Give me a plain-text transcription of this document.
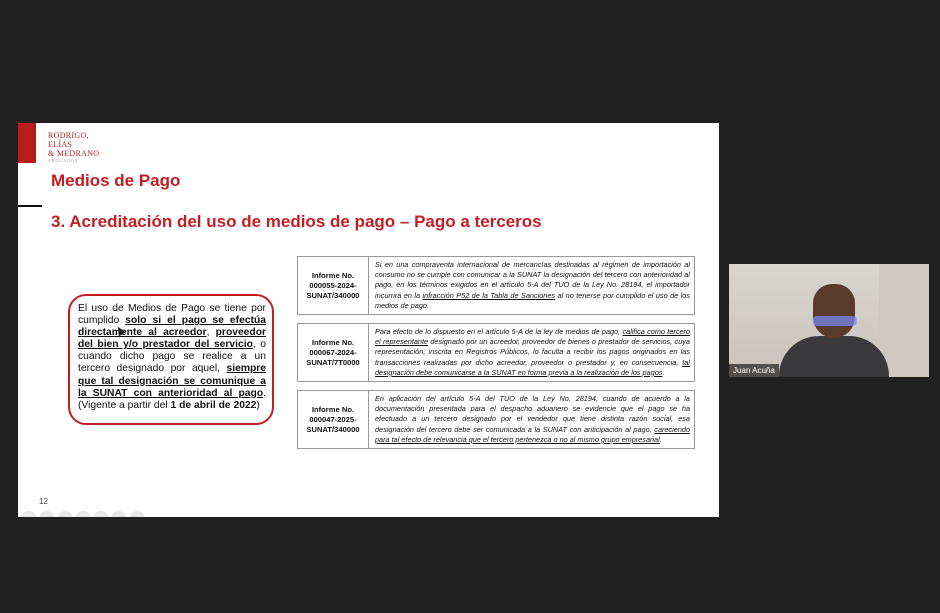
RODRIGO,
ELÍAS
& MEDRANO
ABOGADOS
Medios de Pago
3. Acreditación del uso de medios de pago – Pago a terceros
El uso de Medios de Pago se tiene por cumplido solo si el pago se efectúa directamente al acreedor, proveedor del bien y/o prestador del servicio, o cuando dicho pago se realice a un tercero designado por aquel, siempre que tal designación se comunique a la SUNAT con anterioridad al pago. (Vigente a partir del 1 de abril de 2022)
Informe No.
000055-2024-
SUNAT/340000
Si en una compraventa internacional de mercancías destinadas al régimen de importación al consumo no se cumple con comunicar a la SUNAT la designación del tercero con anterioridad al pago, en los términos exigidos en el artículo 5-A del TUO de la Ley No. 28194, el importador incurrirá en la infracción P52 de la Tabla de Sanciones al no tenerse por cumplido el uso de los medios de pago.
Informe No.
000067-2024-
SUNAT/7T0000
Para efecto de lo dispuesto en el artículo 5-A de la ley de medios de pago, califica como tercero el representante designado por un acreedor, proveedor de bienes o prestador de servicios, cuya representación, inscrita en Registros Públicos, lo faculta a recibir los pagos originados en las transacciones realizadas por dicho acreedor, proveedor o prestador y, en consecuencia, tal designación debe comunicarse a la SUNAT en forma previa a la realización de los pagos.
Informe No.
000047-2025-
SUNAT/340000
En aplicación del artículo 5-A del TUO de la Ley No. 28194, cuando de acuerdo a la documentación presentada para el despacho aduanero se evidencie que el pago se ha efectuado a un tercero designado por el vendedor que tiene distinta razón social, esa designación del tercero debe ser comunicada a la SUNAT con anticipación al pago, careciendo para tal efecto de relevancia que el tercero pertenezca o no al mismo grupo empresarial.
12
Juan Acuña
